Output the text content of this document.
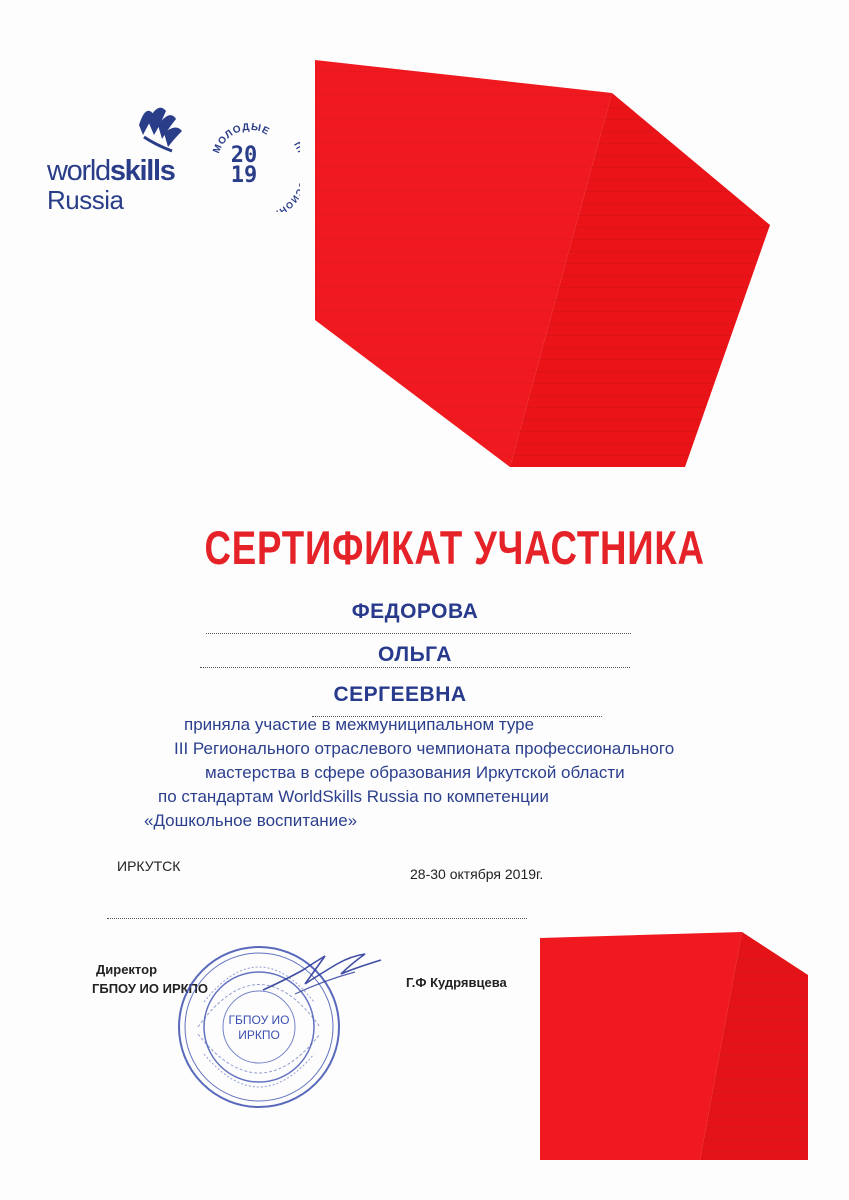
worldskills
Russia
МОЛОДЫЕ
ИОН
20
19
СЕРТИФИКАТ УЧАСТНИКА
ФЕДОРОВА
ОЛЬГА
СЕРГЕЕВНА
приняла участие в межмуниципальном туре
III Регионального отраслевого чемпионата профессионального
мастерства в сфере образования Иркутской области
по стандартам WorldSkills Russia по компетенции
«Дошкольное воспитание»
ИРКУТСК	28-30 октября 2019г.
Директор
ГБПОУ ИО ИРКПО	Г.Ф Кудрявцева
ГБПОУ ИО
ИРКПО
